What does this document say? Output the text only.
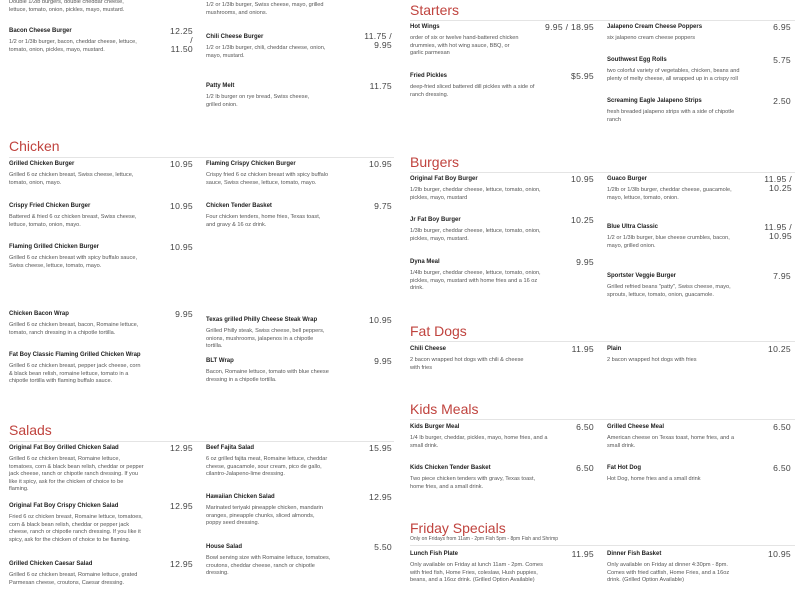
Double 1/2lb burgers, double cheddar cheese, lettuce, tomato, onion, pickles, mayo, mustard.
Bacon Cheese Burger
1/2 or 1/3lb burger, bacon, cheddar cheese, lettuce, tomato, onion, pickles, mayo, mustard.
Chicken
Grilled Chicken Burger
Grilled 6 oz chicken breast, Swiss cheese, lettuce, tomato, onion, mayo.
10.95
Crispy Fried Chicken Burger
Battered & fried 6 oz chicken breast, Swiss cheese, lettuce, tomato, onion, mayo.
10.95
Flaming Grilled Chicken Burger
Grilled 6 oz chicken breast with spicy buffalo sauce, Swiss cheese, lettuce, tomato, mayo.
10.95
Chicken Bacon Wrap
Grilled 6 oz chicken breast, bacon, Romaine lettuce, tomato, ranch dressing in a chipotle tortilla.
9.95
Fat Boy Classic Flaming Grilled Chicken Wrap
Grilled 6 oz chicken breast, pepper jack cheese, corn & black bean relish, romaine lettuce, tomato in a chipotle tortilla with flaming buffalo sauce.
Salads
Original Fat Boy Grilled Chicken Salad
Grilled 6 oz chicken breast, Romaine lettuce, tomatoes, corn & black bean relish, cheddar or pepper jack cheese, ranch or chipotle ranch dressing. If you like it spicy, ask for the chicken of choice to be flaming.
12.95
Original Fat Boy Crispy Chicken Salad
Fried 6 oz chicken breast, Romaine lettuce, tomatoes, corn & black bean relish, cheddar or pepper jack cheese, ranch or chipotle ranch dressing. If you like it spicy, ask for the chicken of choice to be flaming.
12.95
Grilled Chicken Caesar Salad
Grilled 6 oz chicken breast, Romaine lettuce, grated Parmesan cheese, croutons, Caesar dressing.
12.95
1/2 or 1/3lb burger, Swiss cheese, mayo, grilled mushrooms, and onions.
12.25 / 11.50
Chili Cheese Burger
1/2 or 1/3lb burger, chili, cheddar cheese, onion, mayo, mustard.
11.75 / 9.95
Patty Melt
1/2 lb burger on rye bread, Swiss cheese, grilled onion.
11.75
Flaming Crispy Chicken Burger
Crispy fried 6 oz chicken breast with spicy buffalo sauce, Swiss cheese, lettuce, tomato, mayo.
10.95
Chicken Tender Basket
Four chicken tenders, home fries, Texas toast, and gravy & 16 oz drink.
9.75
Texas grilled Philly Cheese Steak Wrap
Grilled Philly steak, Swiss cheese, bell peppers, onions, mushrooms, jalapenos in a chipotle tortilla.
10.95
BLT Wrap
Bacon, Romaine lettuce, tomato with blue cheese dressing in a chipotle tortilla.
9.95
Beef Fajita Salad
6 oz grilled fajita meat, Romaine lettuce, cheddar cheese, guacamole, sour cream, pico de gallo, cilantro-Jalapeno-lime dressing.
15.95
Hawaiian Chicken Salad
Marinated teriyaki pineapple chicken, mandarin oranges, pineapple chunks, sliced almonds, poppy seed dressing.
12.95
House Salad
Bowl serving size with Romaine lettuce, tomatoes, croutons, cheddar cheese, ranch or chipotle dressing.
5.50
Starters
Hot Wings
order of six or twelve hand-battered chicken drummies, with hot wing sauce, BBQ, or garlic parmesan
9.95 / 18.95
Fried Pickles
deep-fried sliced battered dill pickles with a side of ranch dressing.
$5.95
Burgers
Original Fat Boy Burger
1/2lb burger, cheddar cheese, lettuce, tomato, onion, pickles, mayo, mustard
10.95
Jr Fat Boy Burger
1/3lb burger, cheddar cheese, lettuce, tomato, onion, pickles, mayo, mustard.
10.25
Dyna Meal
1/4lb burger, cheddar cheese, lettuce, tomato, onion, pickles, mayo, mustard with home fries and a 16 oz drink.
9.95
Fat Dogs
Chili Cheese
2 bacon wrapped hot dogs with chili & cheese with fries
11.95
Kids Meals
Kids Burger Meal
1/4 lb burger, cheddar, pickles, mayo, home fries, and a small drink.
6.50
Kids Chicken Tender Basket
Two piece chicken tenders with gravy, Texas toast, home fries, and a small drink.
6.50
Friday Specials
Only on Fridays from 11am - 2pm Fish 5pm - 8pm Fish and Shrimp
Lunch Fish Plate
Only available on Friday at lunch 11am - 2pm. Comes with fried fish, Home Fries, coleslaw, Hush puppies, beans, and a 16oz drink. (Grilled Option Available)
11.95
Jalapeno Cream Cheese Poppers
six jalapeno cream cheese poppers
6.95
Southwest Egg Rolls
two colorful variety of vegetables, chicken, beans and plenty of melty cheese, all wrapped up in a crispy roll
5.75
Screaming Eagle Jalapeno Strips
fresh breaded jalapeno strips with a side of chipotle ranch
2.50
Guaco Burger
1/2lb or 1/3lb burger, cheddar cheese, guacamole, mayo, lettuce, tomato, onion.
11.95 / 10.25
Blue Ultra Classic
1/2 or 1/3lb burger, blue cheese crumbles, bacon, mayo, grilled onion.
11.95 / 10.95
Sportster Veggie Burger
Grilled refried beans "patty", Swiss cheese, mayo, sprouts, lettuce, tomato, onion, guacamole.
7.95
Plain
2 bacon wrapped hot dogs with fries
10.25
Grilled Cheese Meal
American cheese on Texas toast, home fries, and a small drink.
6.50
Fat Hot Dog
Hot Dog, home fries and a small drink
6.50
Dinner Fish Basket
Only available on Friday at dinner 4:30pm - 8pm. Comes with fried catfish, Home Fries, and a 16oz drink. (Grilled Option Available)
10.95
